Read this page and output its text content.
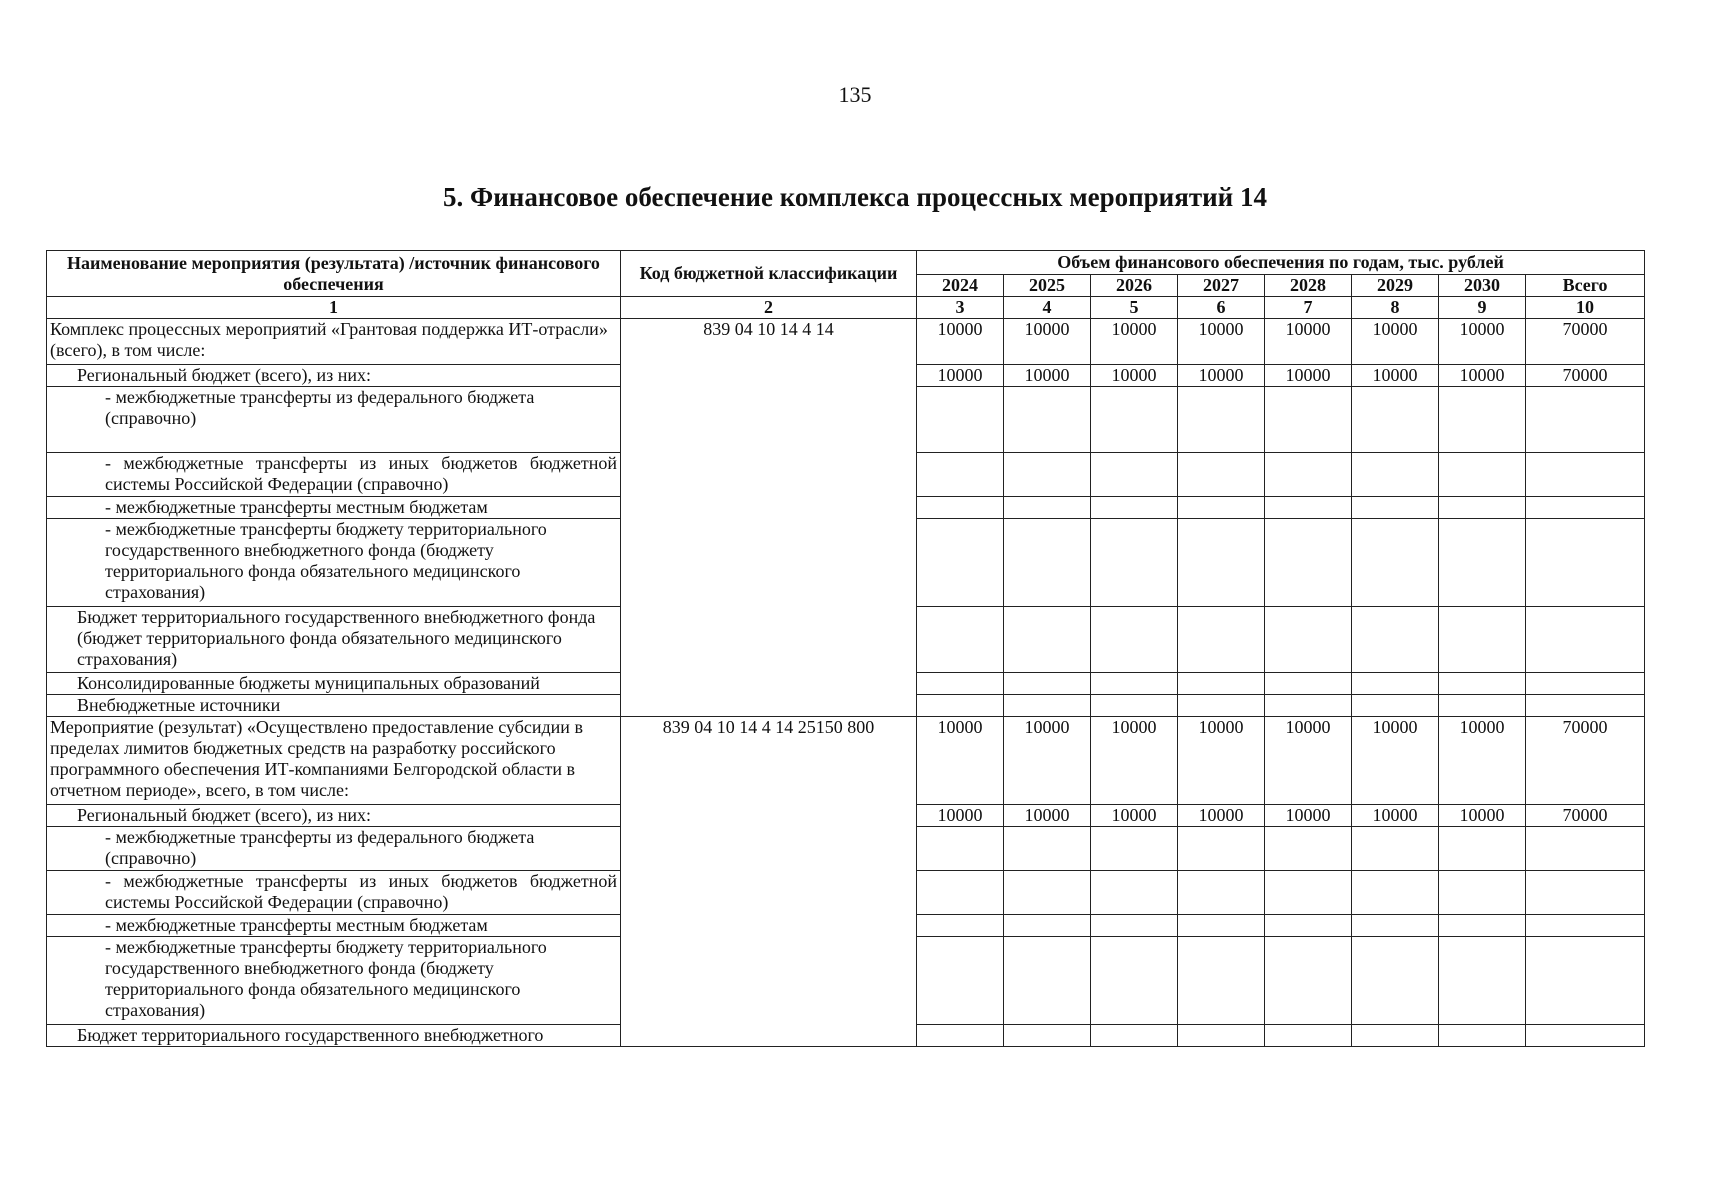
135
5. Финансовое обеспечение комплекса процессных мероприятий 14
Наименование мероприятия (результата) /источник финансового обеспечения	Код бюджетной классификации	Объем финансового обеспечения по годам, тыс. рублей							
		2024	2025	2026	2027	2028	2029	2030	Всего
1	2	3	4	5	6	7	8	9	10
Комплекс процессных мероприятий «Грантовая поддержка ИТ-отрасли» (всего), в том числе:	839 04 10 14 4 14	10000	10000	10000	10000	10000	10000	10000	70000
Региональный бюджет (всего), из них:		10000	10000	10000	10000	10000	10000	10000	70000
- межбюджетные трансферты из федерального бюджета (справочно)									
- межбюджетные трансферты из иных бюджетов бюджетной системы Российской Федерации (справочно)									
- межбюджетные трансферты местным бюджетам									
- межбюджетные трансферты бюджету территориального государственного внебюджетного фонда (бюджету территориального фонда обязательного медицинского страхования)									
Бюджет территориального государственного внебюджетного фонда (бюджет территориального фонда обязательного медицинского страхования)									
Консолидированные бюджеты муниципальных образований									
Внебюджетные источники									
Мероприятие (результат) «Осуществлено предоставление субсидии в пределах лимитов бюджетных средств на разработку российского программного обеспечения ИТ-компаниями Белгородской области в отчетном периоде», всего, в том числе:	839 04 10 14 4 14 25150 800	10000	10000	10000	10000	10000	10000	10000	70000
Региональный бюджет (всего), из них:		10000	10000	10000	10000	10000	10000	10000	70000
- межбюджетные трансферты из федерального бюджета (справочно)									
- межбюджетные трансферты из иных бюджетов бюджетной системы Российской Федерации (справочно)									
- межбюджетные трансферты местным бюджетам									
- межбюджетные трансферты бюджету территориального государственного внебюджетного фонда (бюджету территориального фонда обязательного медицинского страхования)									
Бюджет территориального государственного внебюджетного									
